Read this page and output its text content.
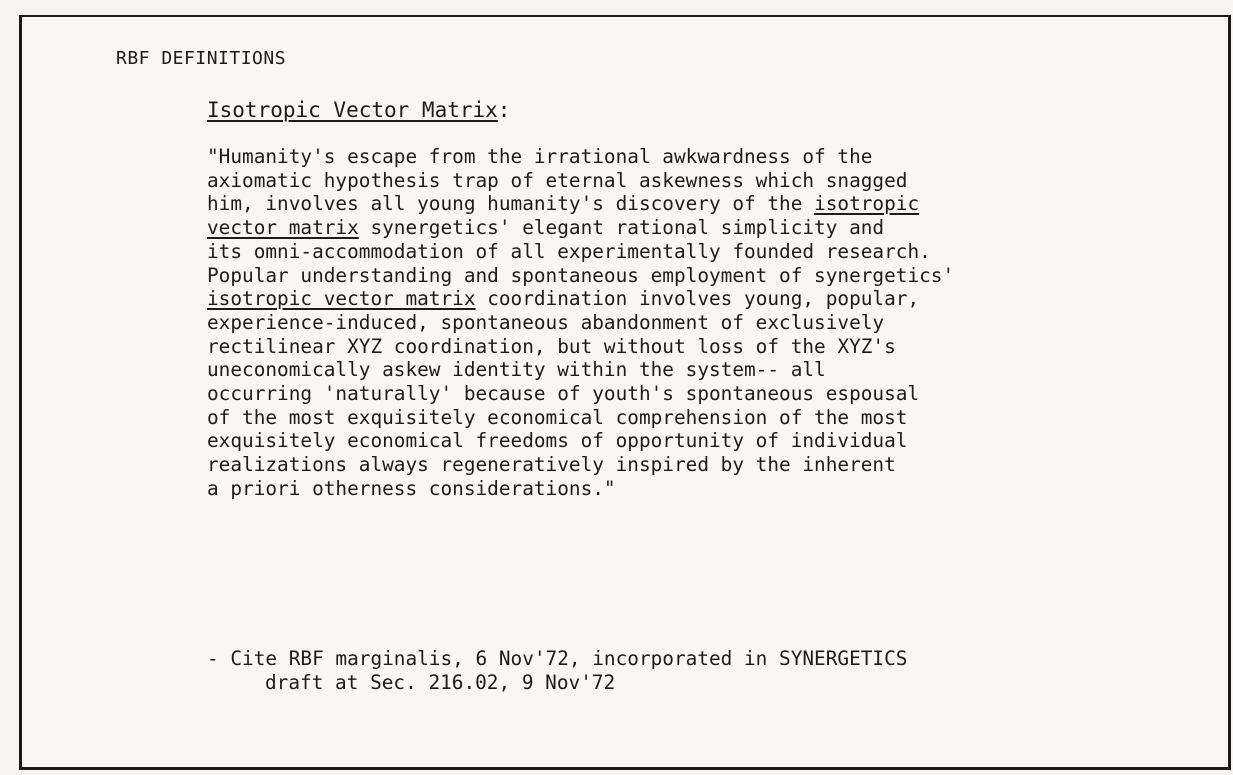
RBF DEFINITIONS
Isotropic Vector Matrix:
"Humanity's escape from the irrational awkwardness of the
axiomatic hypothesis trap of eternal askewness which snagged
him, involves all young humanity's discovery of the isotropic
vector matrix synergetics' elegant rational simplicity and
its omni-accommodation of all experimentally founded research.
Popular understanding and spontaneous employment of synergetics'
isotropic vector matrix coordination involves young, popular,
experience-induced, spontaneous abandonment of exclusively
rectilinear XYZ coordination, but without loss of the XYZ's
uneconomically askew identity within the system-- all
occurring 'naturally' because of youth's spontaneous espousal
of the most exquisitely economical comprehension of the most
exquisitely economical freedoms of opportunity of individual
realizations always regeneratively inspired by the inherent
a priori otherness considerations."
- Cite RBF marginalis, 6 Nov'72, incorporated in SYNERGETICS
draft at Sec. 216.02, 9 Nov'72
